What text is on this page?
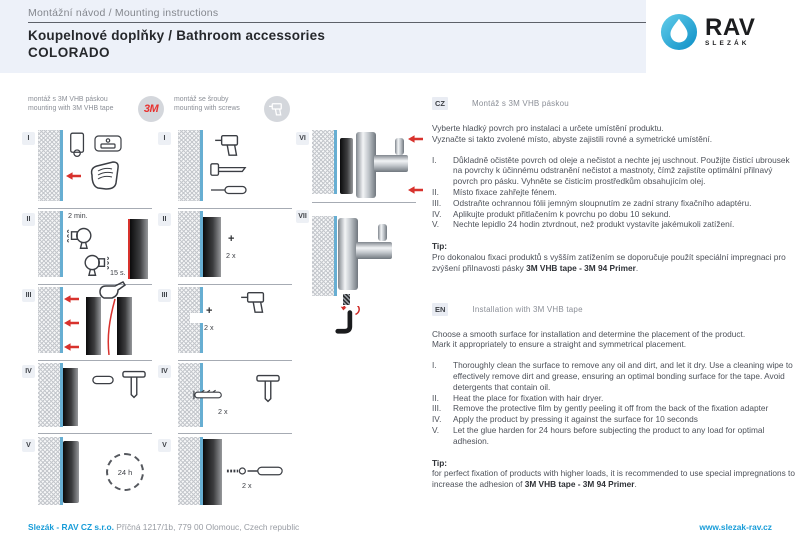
Montážní návod / Mounting instructions
Koupelnové doplňky / Bathroom accessories
COLORADO
RAV
SLEZÁK
montáž s 3M VHB páskou
mounting with 3M VHB tape	3M
montáž se šrouby
mounting with screws
I
II	2 min.
15 s.
III
IV
V
24 h
I
II
+
2 x
III
+
2 x
IV
2 x
V
2 x
VI
VII
CZ	Montáž s 3M VHB páskou
Vyberte hladký povrch pro instalaci a určete umístění produktu.
Vyznačte si takto zvolené místo, abyste zajistili rovné a symetrické umístění.
I.	Důkladně očistěte povrch od oleje a nečistot a nechte jej uschnout. Použijte čisticí ubrousek na povrchy k účinnému odstranění nečistot a mastnoty, čímž zajistíte optimální přilnavý povrch pro pásku. Vyhněte se čisticím prostředkům obsahujícím olej.
II.	Místo fixace zahřejte fénem.
III.	Odstraňte ochrannou fólii jemným sloupnutím ze zadní strany fixačního adaptéru.
IV.	Aplikujte produkt přitlačením k povrchu po dobu 10 sekund.
V.	Nechte lepidlo 24 hodin ztvrdnout, než produkt vystavíte jakémukoli zatížení.
Tip:
Pro dokonalou fixaci produktů s vyšším zatížením se doporučuje použít speciální impregnaci pro zvýšení přilnavosti pásky 3M VHB tape - 3M 94 Primer.
EN	Installation with 3M VHB tape
Choose a smooth surface for installation and determine the placement of the product.
Mark it appropriately to ensure a straight and symmetrical placement.
I.	Thoroughly clean the surface to remove any oil and dirt, and let it dry. Use a cleaning wipe to effectively remove dirt and grease, ensuring an optimal bonding surface for the tape. Avoid detergents that contain oil.
II.	Heat the place for fixation with hair dryer.
III.	Remove the protective film by gently peeling it off from the back of the fixation adapter
IV.	Apply the product by pressing it against the surface for 10 seconds
V.	Let the glue harden for 24 hours before subjecting the product to any load for optimal adhesion.
Tip:
for perfect fixation of products with higher loads, it is recommended to use special impregnations to increase the adhesion of 3M VHB tape - 3M 94 Primer.
Slezák - RAV CZ s.r.o. Příčná 1217/1b, 779 00 Olomouc, Czech republic	www.slezak-rav.cz
